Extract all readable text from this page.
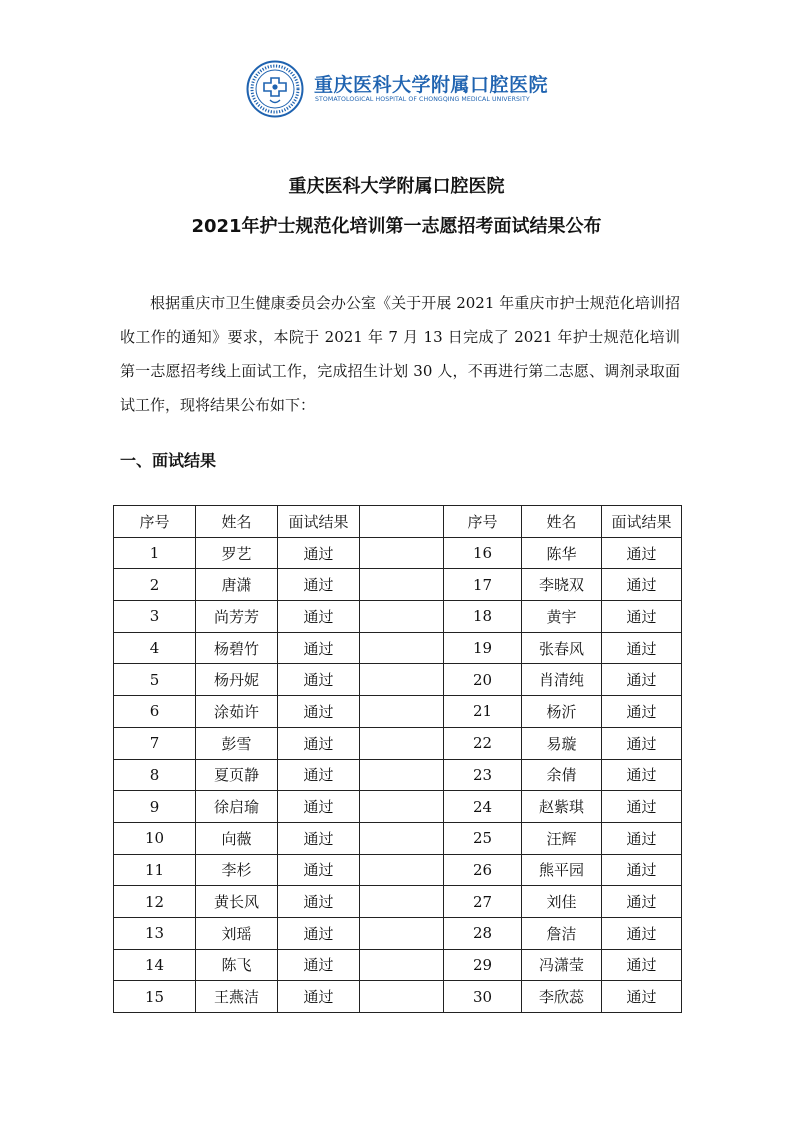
重庆医科大学附属口腔医院
STOMATOLOGICAL HOSPITAL OF CHONGQING MEDICAL UNIVERSITY
重庆医科大学附属口腔医院
2021年护士规范化培训第一志愿招考面试结果公布

根据重庆市卫生健康委员会办公室《关于开展 2021 年重庆市护士规范化培训招收工作的通知》要求，本院于 2021 年 7 月 13 日完成了 2021 年护士规范化培训第一志愿招考线上面试工作，完成招生计划 30 人，不再进行第二志愿、调剂录取面试工作，现将结果公布如下：

一、面试结果
序号	姓名	面试结果		序号	姓名	面试结果
1	罗艺	通过		16	陈华	通过
2	唐潇	通过		17	李晓双	通过
3	尚芳芳	通过		18	黄宇	通过
4	杨碧竹	通过		19	张春风	通过
5	杨丹妮	通过		20	肖清纯	通过
6	涂茹许	通过		21	杨沂	通过
7	彭雪	通过		22	易璇	通过
8	夏页静	通过		23	余倩	通过
9	徐启瑜	通过		24	赵紫琪	通过
10	向薇	通过		25	汪辉	通过
11	李杉	通过		26	熊平园	通过
12	黄长风	通过		27	刘佳	通过
13	刘瑶	通过		28	詹洁	通过
14	陈飞	通过		29	冯潇莹	通过
15	王燕洁	通过		30	李欣蕊	通过
